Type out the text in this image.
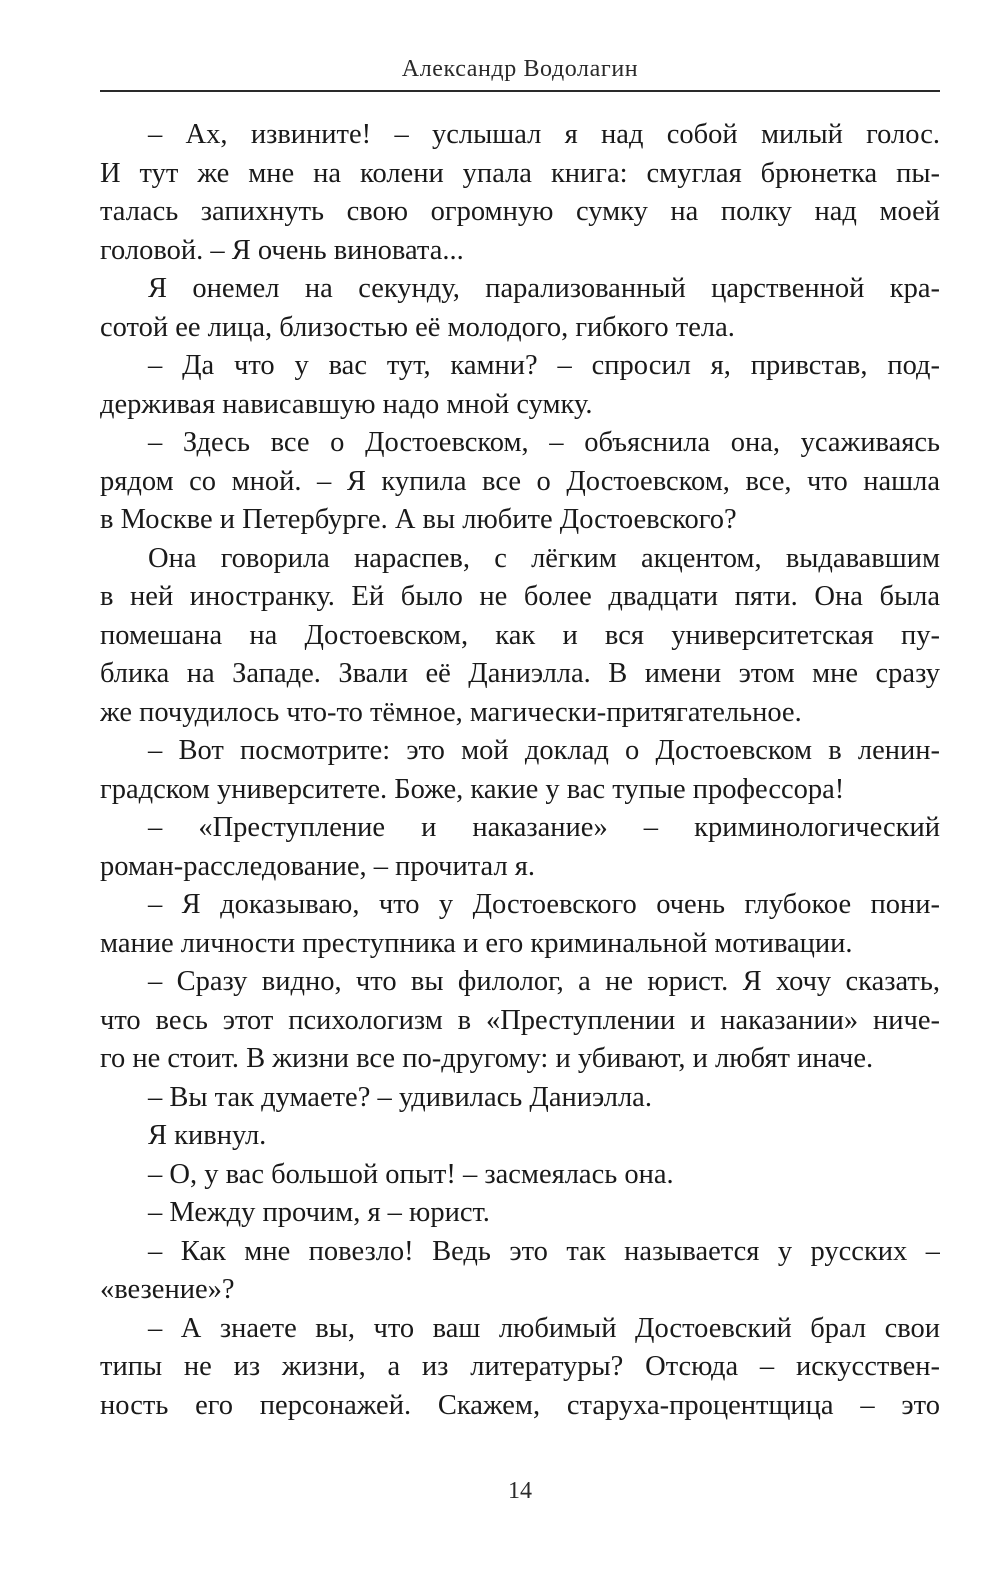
Александр Водолагин
– Ах, извините! – услышал я над собой милый голос.
И тут же мне на колени упала книга: смуглая брюнетка пы-
талась запихнуть свою огромную сумку на полку над моей
головой. – Я очень виновата...
Я онемел на секунду, парализованный царственной кра-
сотой ее лица, близостью её молодого, гибкого тела.
– Да что у вас тут, камни? – спросил я, привстав, под-
держивая нависавшую надо мной сумку.
– Здесь все о Достоевском, – объяснила она, усаживаясь
рядом со мной. – Я купила все о Достоевском, все, что нашла
в Москве и Петербурге. А вы любите Достоевского?
Она говорила нараспев, с лёгким акцентом, выдававшим
в ней иностранку. Ей было не более двадцати пяти. Она была
помешана на Достоевском, как и вся университетская пу-
блика на Западе. Звали её Даниэлла. В имени этом мне сразу
же почудилось что-то тёмное, магически-притягательное.
– Вот посмотрите: это мой доклад о Достоевском в ленин-
градском университете. Боже, какие у вас тупые профессора!
– «Преступление и наказание» – криминологический
роман-расследование, – прочитал я.
– Я доказываю, что у Достоевского очень глубокое пони-
мание личности преступника и его криминальной мотивации.
– Сразу видно, что вы филолог, а не юрист. Я хочу сказать,
что весь этот психологизм в «Преступлении и наказании» ниче-
го не стоит. В жизни все по-другому: и убивают, и любят иначе.
– Вы так думаете? – удивилась Даниэлла.
Я кивнул.
– О, у вас большой опыт! – засмеялась она.
– Между прочим, я – юрист.
– Как мне повезло! Ведь это так называется у русских –
«везение»?
– А знаете вы, что ваш любимый Достоевский брал свои
типы не из жизни, а из литературы? Отсюда – искусствен-
ность его персонажей. Скажем, старуха-процентщица – это
14
